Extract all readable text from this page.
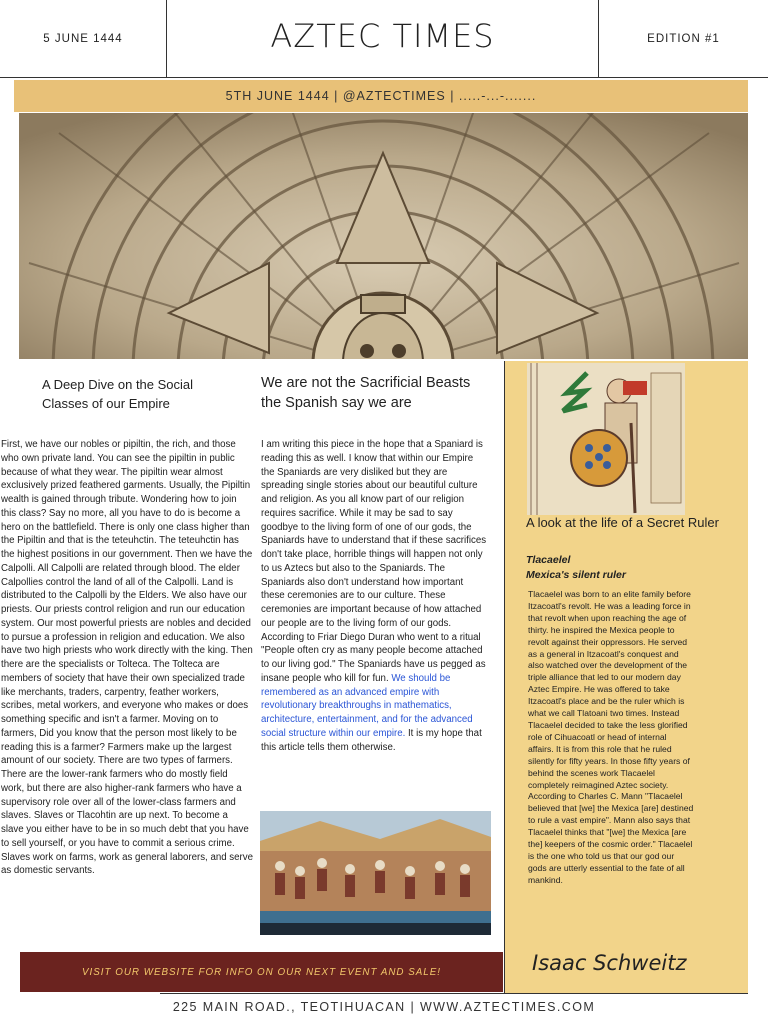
5 JUNE 1444	AZTEC TIMES	EDITION #1
5TH JUNE 1444 | @AZTECTIMES | .....-...-.......
A Deep Dive on the Social Classes of our Empire
First, we have our nobles or pipiltin, the rich, and those who own private land. You can see the pipiltin in public because of what they wear. The pipiltin wear almost exclusively prized feathered garments. Usually, the Pipiltin wealth is gained through tribute. Wondering how to join this class? Say no more, all you have to do is become a hero on the battlefield. There is only one class higher than the Pipiltin and that is the teteuhctin. The teteuhctin has the highest positions in our government. Then we have the Calpolli. All Calpolli are related through blood. The elder Calpollies control the land of all of the Calpolli. Land is distributed to the Calpolli by the Elders. We also have our priests. Our priests control religion and run our education system. Our most powerful priests are nobles and decided to pursue a profession in religion and education. We also have two high priests who work directly with the king. Then there are the specialists or Tolteca. The Tolteca are members of society that have their own specialized trade like merchants, traders, carpentry, feather workers, scribes, metal workers, and everyone who makes or does something specific and isn't a farmer. Moving on to farmers, Did you know that the person most likely to be reading this is a farmer? Farmers make up the largest amount of our society. There are two types of farmers. There are the lower-rank farmers who do mostly field work, but there are also higher-rank farmers who have a supervisory role over all of the lower-class farmers and slaves. Slaves or Tlacohtin are up next. To become a slave you either have to be in so much debt that you have to sell yourself, or you have to commit a serious crime. Slaves work on farms, work as general laborers, and serve as domestic servants.
We are not the Sacrificial Beasts the Spanish say we are
I am writing this piece in the hope that a Spaniard is reading this as well. I know that within our Empire the Spaniards are very disliked but they are spreading single stories about our beautiful culture and religion. As you all know part of our religion requires sacrifice. While it may be sad to say goodbye to the living form of one of our gods, the Spaniards have to understand that if these sacrifices don't take place, horrible things will happen not only to us Aztecs but also to the Spaniards. The Spaniards also don't understand how important these ceremonies are to our culture. These ceremonies are important because of how attached our people are to the living form of our gods. According to Friar Diego Duran who went to a ritual "People often cry as many people become attached to our living god." The Spaniards have us pegged as insane people who kill for fun. We should be remembered as an advanced empire with revolutionary breakthroughs in mathematics, architecture, entertainment, and for the advanced social structure within our empire. It is my hope that this article tells them otherwise.
A look at the life of a Secret Ruler
Tlacaelel
Mexica's silent ruler
Tlacaelel was born to an elite family before Itzacoatl's revolt. He was a leading force in that revolt when upon reaching the age of thirty. he inspired the Mexica people to revolt against their oppressors. He served as a general in Itzacoatl's conquest and also watched over the development of the triple alliance that led to our modern day Aztec Empire. He was offered to take Itzacoatl's place and be the ruler which is what we call Tlatoani two times. Instead Tlacaelel decided to take the less glorified role of Cihuacoatl or head of internal affairs. It is from this role that he ruled silently for fifty years. In those fifty years of behind the scenes work Tlacaelel completely reimagined Aztec society. According to Charles C. Mann "Tlacaelel believed that [we] the Mexica [are] destined to rule a vast empire". Mann also says that Tlacaelel thinks that "[we] the Mexica [are the] keepers of the cosmic order." Tlacaelel is the one who told us that our god our gods are utterly essential to the fate of all mankind.
Isaac Schweitz
VISIT OUR WEBSITE FOR INFO ON OUR NEXT EVENT AND SALE!
225 MAIN ROAD., TEOTIHUACAN | WWW.AZTECTIMES.COM
